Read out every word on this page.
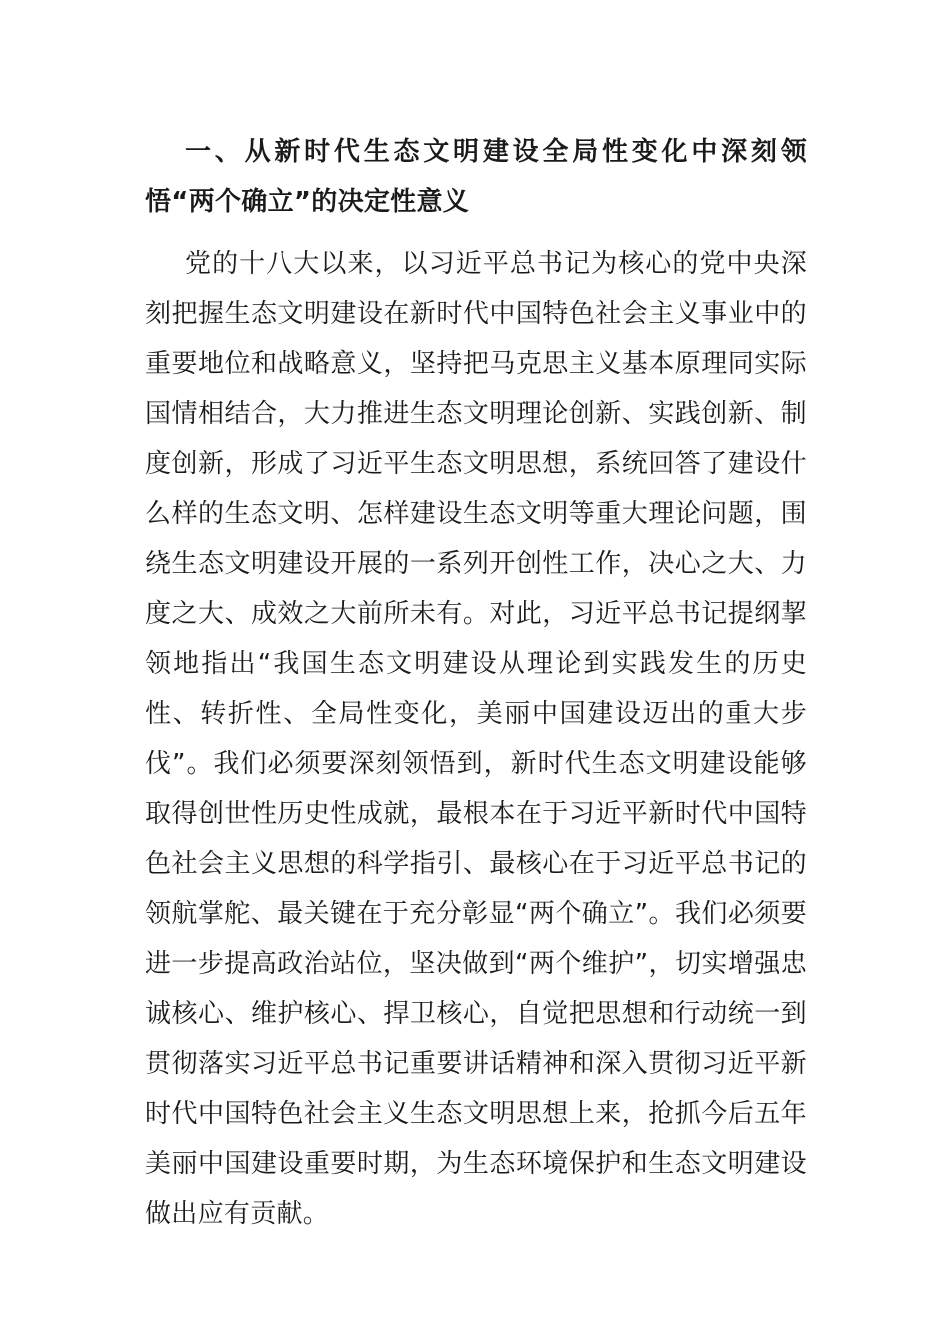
一、从新时代生态文明建设全局性变化中深刻领悟“两个确立”的决定性意义

党的十八大以来，以习近平总书记为核心的党中央深刻把握生态文明建设在新时代中国特色社会主义事业中的重要地位和战略意义，坚持把马克思主义基本原理同实际国情相结合，大力推进生态文明理论创新、实践创新、制度创新，形成了习近平生态文明思想，系统回答了建设什么样的生态文明、怎样建设生态文明等重大理论问题，围绕生态文明建设开展的一系列开创性工作，决心之大、力度之大、成效之大前所未有。对此，习近平总书记提纲挈领地指出“我国生态文明建设从理论到实践发生的历史性、转折性、全局性变化，美丽中国建设迈出的重大步伐”。我们必须要深刻领悟到，新时代生态文明建设能够取得创世性历史性成就，最根本在于习近平新时代中国特色社会主义思想的科学指引、最核心在于习近平总书记的领航掌舵、最关键在于充分彰显“两个确立”。我们必须要进一步提高政治站位，坚决做到“两个维护”，切实增强忠诚核心、维护核心、捍卫核心，自觉把思想和行动统一到贯彻落实习近平总书记重要讲话精神和深入贯彻习近平新时代中国特色社会主义生态文明思想上来，抢抓今后五年美丽中国建设重要时期，为生态环境保护和生态文明建设做出应有贡献。
